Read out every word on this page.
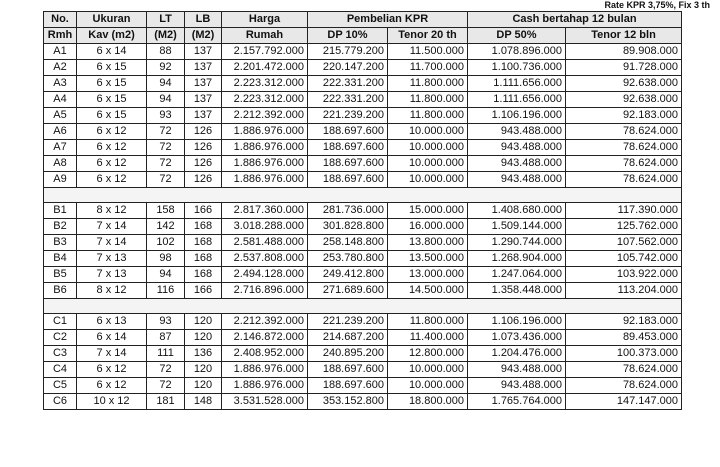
Rate KPR 3,75%, Fix 3 th
No.	Ukuran	LT	LB	Harga	Pembelian KPR		Cash bertahap 12 bulan	
Rmh	Kav (m2)	(M2)	(M2)	Rumah	DP 10%	Tenor 20 th	DP 50%	Tenor 12 bln
A1	6 x 14	88	137	2.157.792.000	215.779.200	11.500.000	1.078.896.000	89.908.000
A2	6 x 15	92	137	2.201.472.000	220.147.200	11.700.000	1.100.736.000	91.728.000
A3	6 x 15	94	137	2.223.312.000	222.331.200	11.800.000	1.111.656.000	92.638.000
A4	6 x 15	94	137	2.223.312.000	222.331.200	11.800.000	1.111.656.000	92.638.000
A5	6 x 15	93	137	2.212.392.000	221.239.200	11.800.000	1.106.196.000	92.183.000
A6	6 x 12	72	126	1.886.976.000	188.697.600	10.000.000	943.488.000	78.624.000
A7	6 x 12	72	126	1.886.976.000	188.697.600	10.000.000	943.488.000	78.624.000
A8	6 x 12	72	126	1.886.976.000	188.697.600	10.000.000	943.488.000	78.624.000
A9	6 x 12	72	126	1.886.976.000	188.697.600	10.000.000	943.488.000	78.624.000

B1	8 x 12	158	166	2.817.360.000	281.736.000	15.000.000	1.408.680.000	117.390.000
B2	7 x 14	142	168	3.018.288.000	301.828.800	16.000.000	1.509.144.000	125.762.000
B3	7 x 14	102	168	2.581.488.000	258.148.800	13.800.000	1.290.744.000	107.562.000
B4	7 x 13	98	168	2.537.808.000	253.780.800	13.500.000	1.268.904.000	105.742.000
B5	7 x 13	94	168	2.494.128.000	249.412.800	13.000.000	1.247.064.000	103.922.000
B6	8 x 12	116	166	2.716.896.000	271.689.600	14.500.000	1.358.448.000	113.204.000

C1	6 x 13	93	120	2.212.392.000	221.239.200	11.800.000	1.106.196.000	92.183.000
C2	6 x 14	87	120	2.146.872.000	214.687.200	11.400.000	1.073.436.000	89.453.000
C3	7 x 14	111	136	2.408.952.000	240.895.200	12.800.000	1.204.476.000	100.373.000
C4	6 x 12	72	120	1.886.976.000	188.697.600	10.000.000	943.488.000	78.624.000
C5	6 x 12	72	120	1.886.976.000	188.697.600	10.000.000	943.488.000	78.624.000
C6	10 x 12	181	148	3.531.528.000	353.152.800	18.800.000	1.765.764.000	147.147.000
